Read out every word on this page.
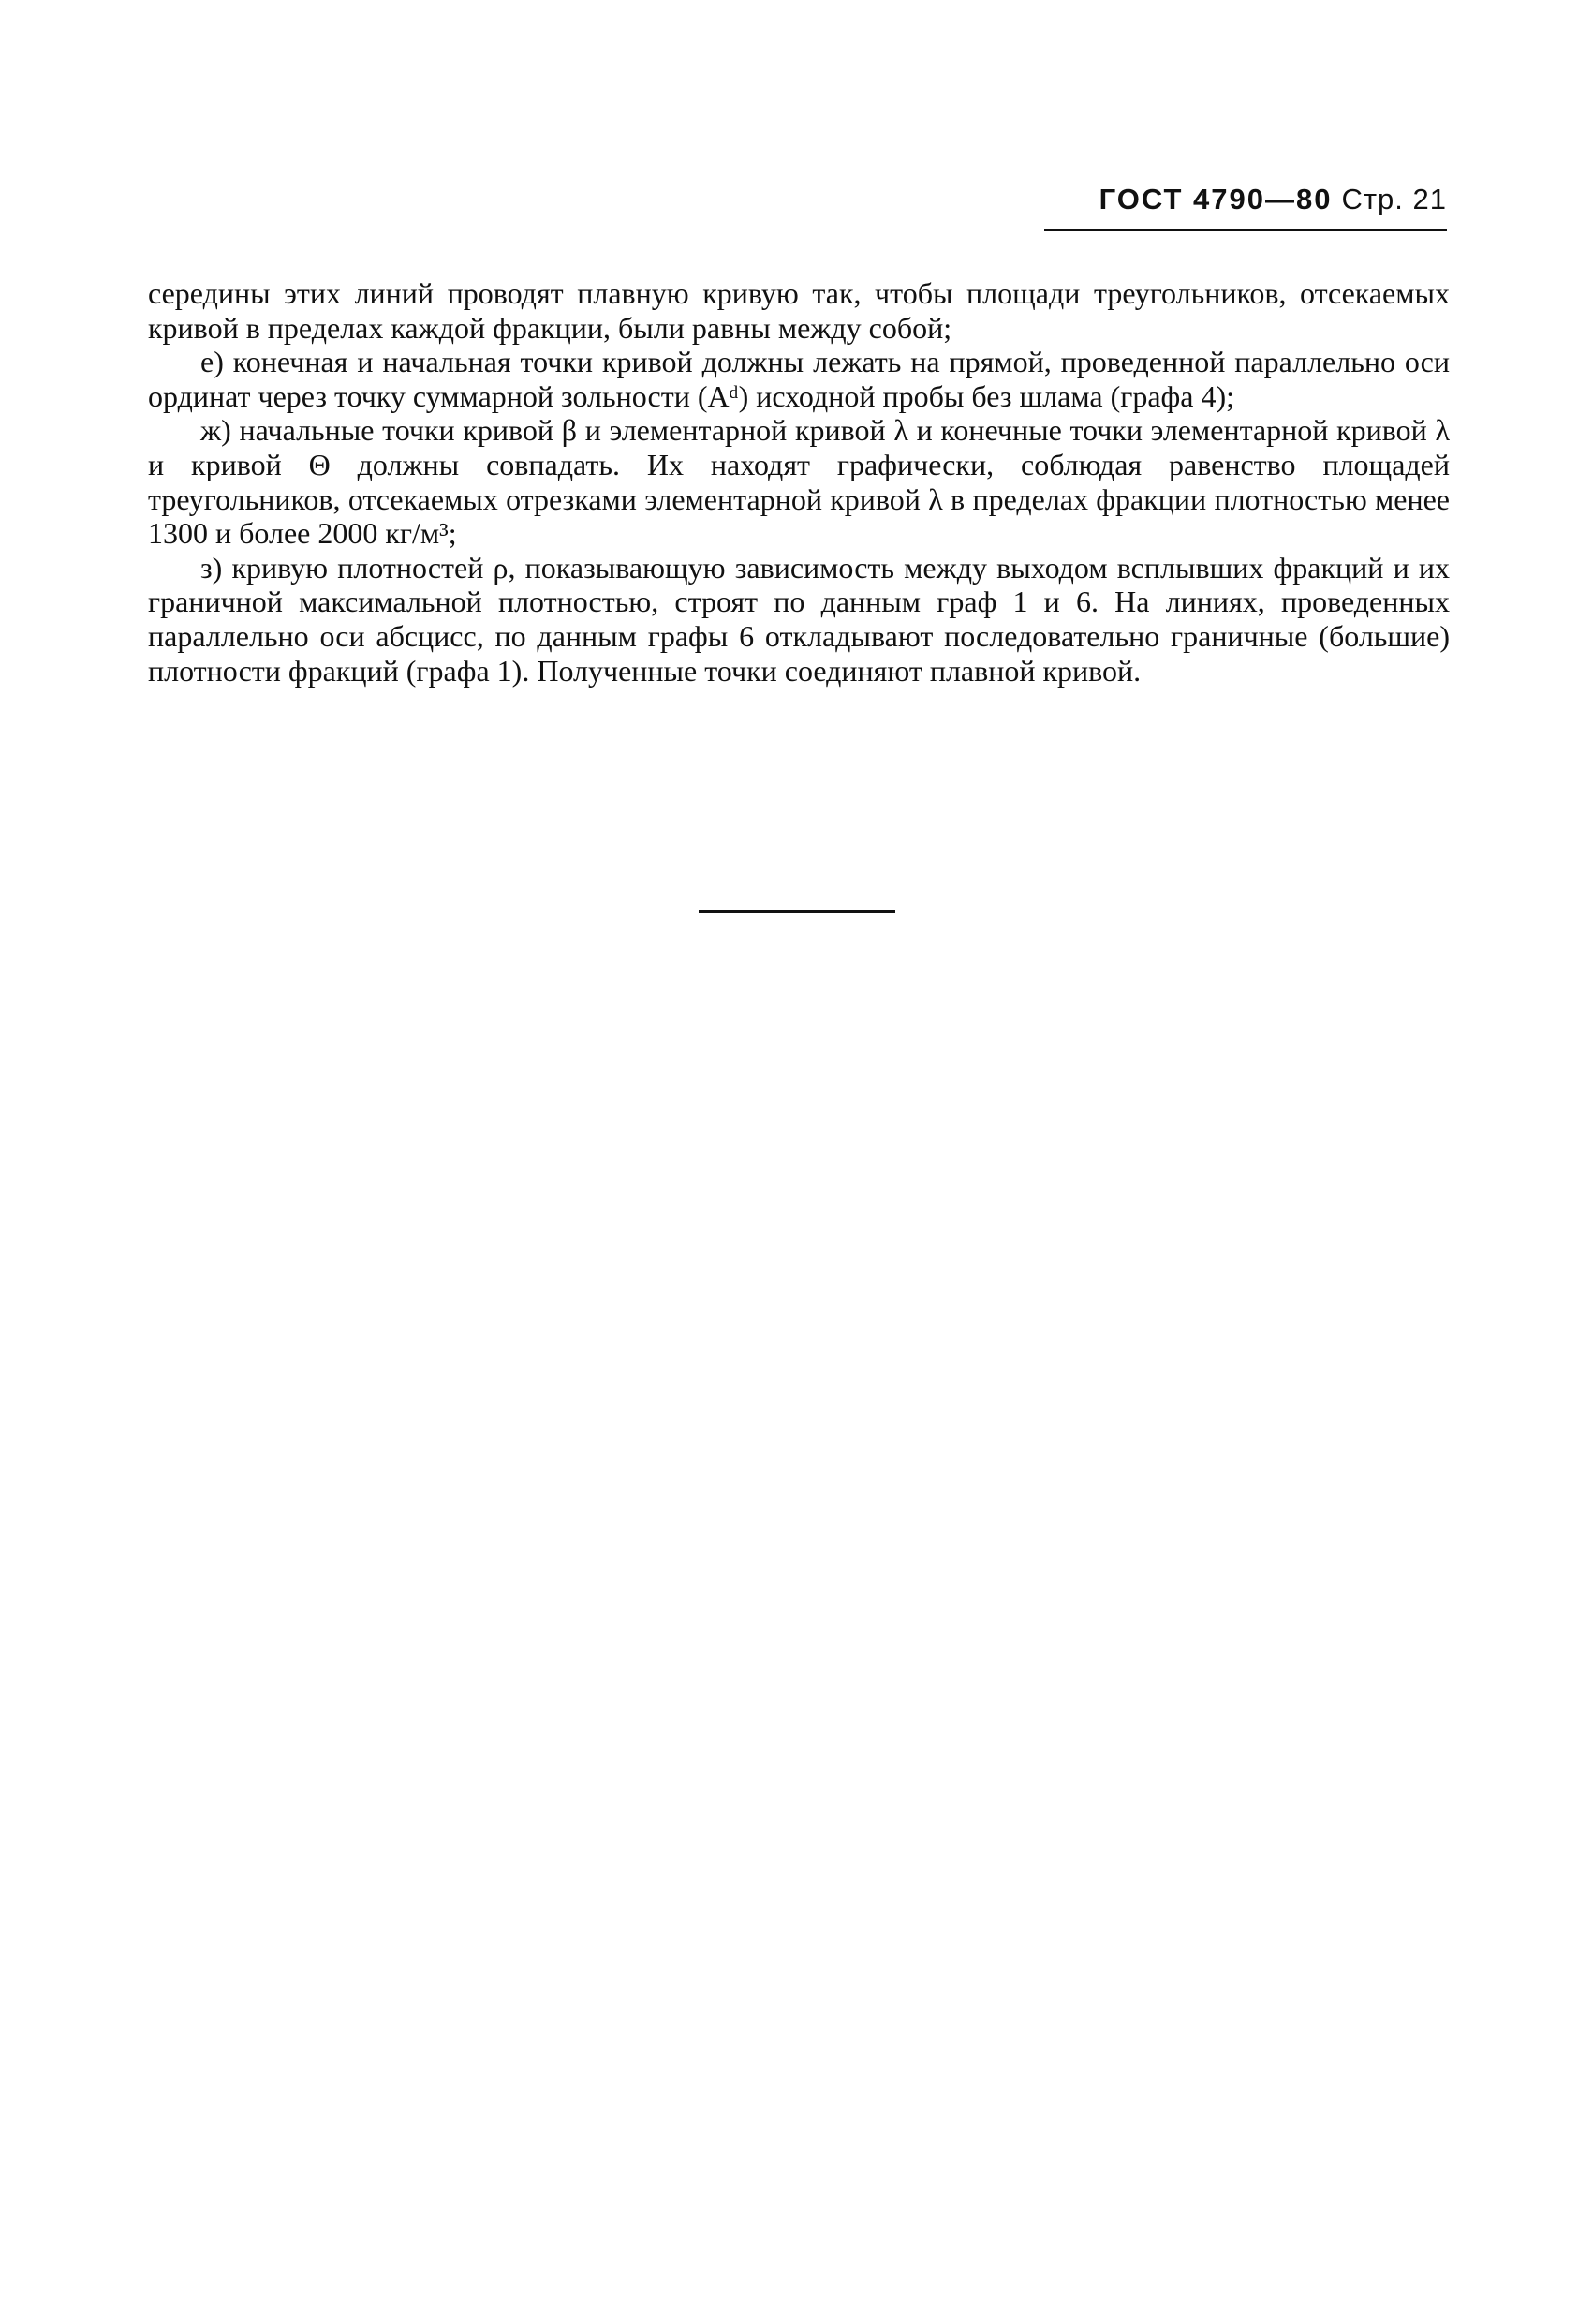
ГОСТ 4790—80 Стр. 21

середины этих линий проводят плавную кривую так, чтобы площади треугольников, отсекаемых кривой в пределах каждой фракции, были равны между собой;

е) конечная и начальная точки кривой должны лежать на прямой, проведенной параллельно оси ординат через точку суммарной зольности (Aᵈ) исходной пробы без шлама (графа 4);

ж) начальные точки кривой β и элементарной кривой λ и конечные точки элементарной кривой λ и кривой Θ должны совпадать. Их находят графически, соблюдая равенство площадей треугольников, отсекаемых отрезками элементарной кривой λ в пределах фракции плотностью менее 1300 и более 2000 кг/м³;

з) кривую плотностей ρ, показывающую зависимость между выходом всплывших фракций и их граничной максимальной плотностью, строят по данным граф 1 и 6. На линиях, проведенных параллельно оси абсцисс, по данным графы 6 откладывают последовательно граничные (большие) плотности фракций (графа 1). Полученные точки соединяют плавной кривой.
